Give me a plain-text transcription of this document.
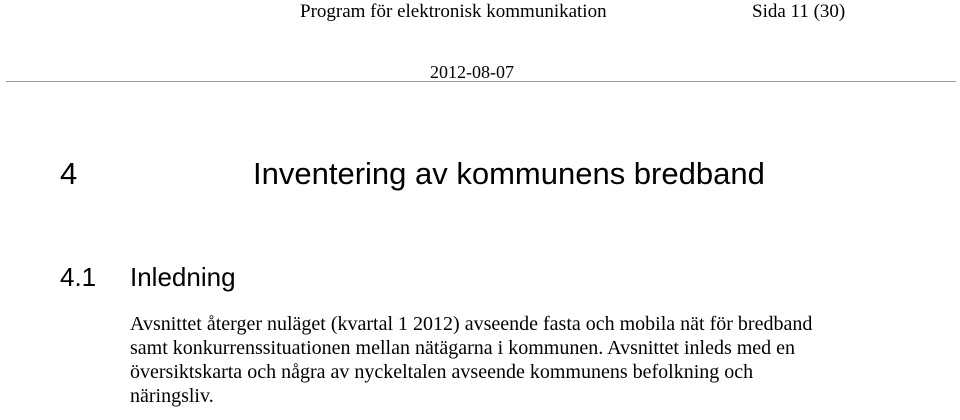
Program för elektronisk kommunikation	Sida 11 (30)
2012-08-07
4	Inventering av kommunens bredband
4.1 Inledning
Avsnittet återger nuläget (kvartal 1 2012) avseende fasta och mobila nät för bredband
samt konkurrenssituationen mellan nätägarna i kommunen. Avsnittet inleds med en
översiktskarta och några av nyckeltalen avseende kommunens befolkning och
näringsliv.
